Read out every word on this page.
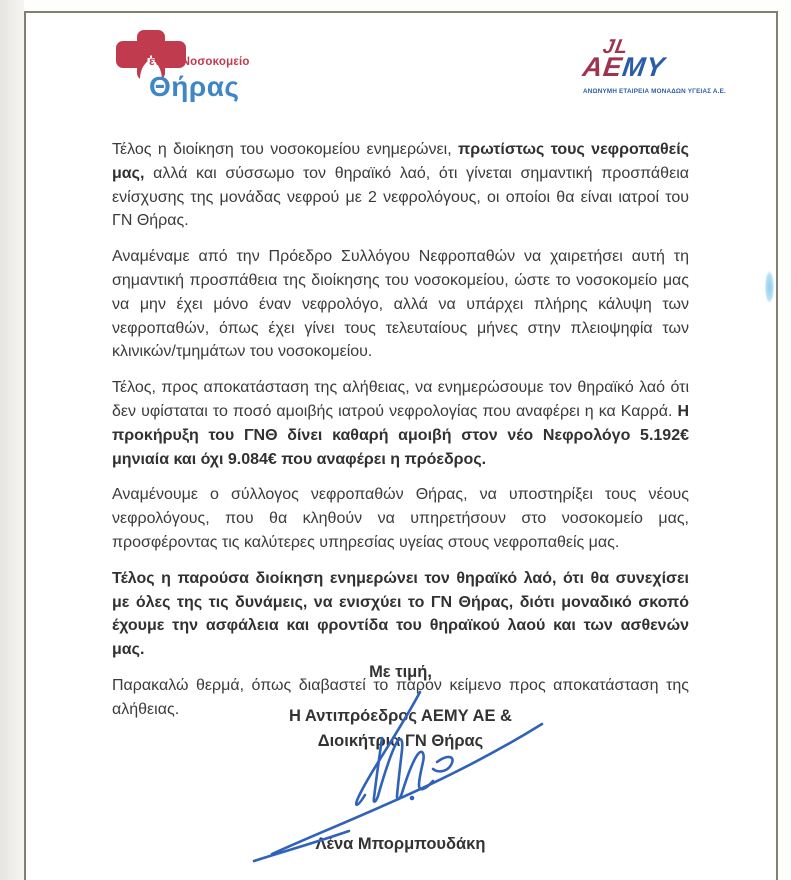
Γενικό Νοσοκομείο
Θήρας
JL
ΑΕΜΥ
ΑΝΩΝΥΜΗ ΕΤΑΙΡΕΙΑ ΜΟΝΑΔΩΝ ΥΓΕΙΑΣ Α.Ε.

Τέλος η διοίκηση του νοσοκομείου ενημερώνει, πρωτίστως τους νεφροπαθείς μας, αλλά και σύσσωμο τον θηραϊκό λαό, ότι γίνεται σημαντική προσπάθεια ενίσχυσης της μονάδας νεφρού με 2 νεφρολόγους, οι οποίοι θα είναι ιατροί του ΓΝ Θήρας.

Αναμέναμε από την Πρόεδρο Συλλόγου Νεφροπαθών να χαιρετήσει αυτή τη σημαντική προσπάθεια της διοίκησης του νοσοκομείου, ώστε το νοσοκομείο μας να μην έχει μόνο έναν νεφρολόγο, αλλά να υπάρχει πλήρης κάλυψη των νεφροπαθών, όπως έχει γίνει τους τελευταίους μήνες στην πλειοψηφία των κλινικών/τμημάτων του νοσοκομείου.

Τέλος, προς αποκατάσταση της αλήθειας, να ενημερώσουμε τον θηραϊκό λαό ότι δεν υφίσταται το ποσό αμοιβής ιατρού νεφρολογίας που αναφέρει η κα Καρρά. Η προκήρυξη του ΓΝΘ δίνει καθαρή αμοιβή στον νέο Νεφρολόγο 5.192€ μηνιαία και όχι 9.084€ που αναφέρει η πρόεδρος.

Αναμένουμε ο σύλλογος νεφροπαθών Θήρας, να υποστηρίξει τους νέους νεφρολόγους, που θα κληθούν να υπηρετήσουν στο νοσοκομείο μας, προσφέροντας τις καλύτερες υπηρεσίας υγείας στους νεφροπαθείς μας.

Τέλος η παρούσα διοίκηση ενημερώνει τον θηραϊκό λαό, ότι θα συνεχίσει με όλες της τις δυνάμεις, να ενισχύει το ΓΝ Θήρας, διότι μοναδικό σκοπό έχουμε την ασφάλεια και φροντίδα του θηραϊκού λαού και των ασθενών μας.

Παρακαλώ θερμά, όπως διαβαστεί το παρόν κείμενο προς αποκατάσταση της αλήθειας.

Με τιμή,
Η Αντιπρόεδρος ΑΕΜΥ ΑΕ &
Διοικήτρια ΓΝ Θήρας
Λένα Μπορμπουδάκη
